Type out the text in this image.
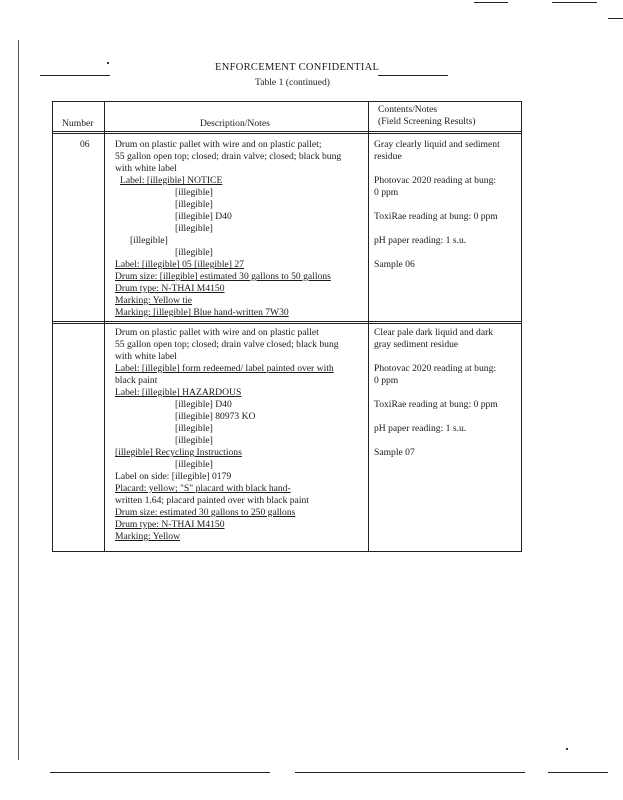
ENFORCEMENT CONFIDENTIAL
Table 1 (continued)
Number	Description/Notes
Contents/Notes
(Field Screening Results)
06	Drum on plastic pallet with wire and on plastic pallet;
55 gallon open top; closed; drain valve; closed; black bung
with white label
Label: [illegible] NOTICE
[illegible]
[illegible]
[illegible] D40
[illegible]
[illegible]
[illegible]
Label: [illegible] 05 [illegible] 27
Drum size: [illegible] estimated 30 gallons to 50 gallons
Drum type: N-THAI M4150
Marking: Yellow tie
Marking: [illegible] Blue hand-written 7W30
Gray clearly liquid and sediment
residue
Photovac 2020 reading at bung:
0 ppm
ToxiRae reading at bung: 0 ppm
pH paper reading: 1 s.u.
Sample 06
Drum on plastic pallet with wire and on plastic pallet
55 gallon open top; closed; drain valve closed; black bung
with white label
Label: [illegible] form redeemed/ label painted over with
black paint
Label: [illegible] HAZARDOUS
[illegible] D40
[illegible] 80973 KO
[illegible]
[illegible]
[illegible] Recycling Instructions
[illegible]
Label on side: [illegible] 0179
Placard: yellow; "S" placard with black hand-
written 1.64; placard painted over with black paint
Drum size: estimated 30 gallons to 250 gallons
Drum type: N-THAI M4150
Marking: Yellow
Clear pale dark liquid and dark
gray sediment residue
Photovac 2020 reading at bung:
0 ppm
ToxiRae reading at bung: 0 ppm
pH paper reading: 1 s.u.
Sample 07
